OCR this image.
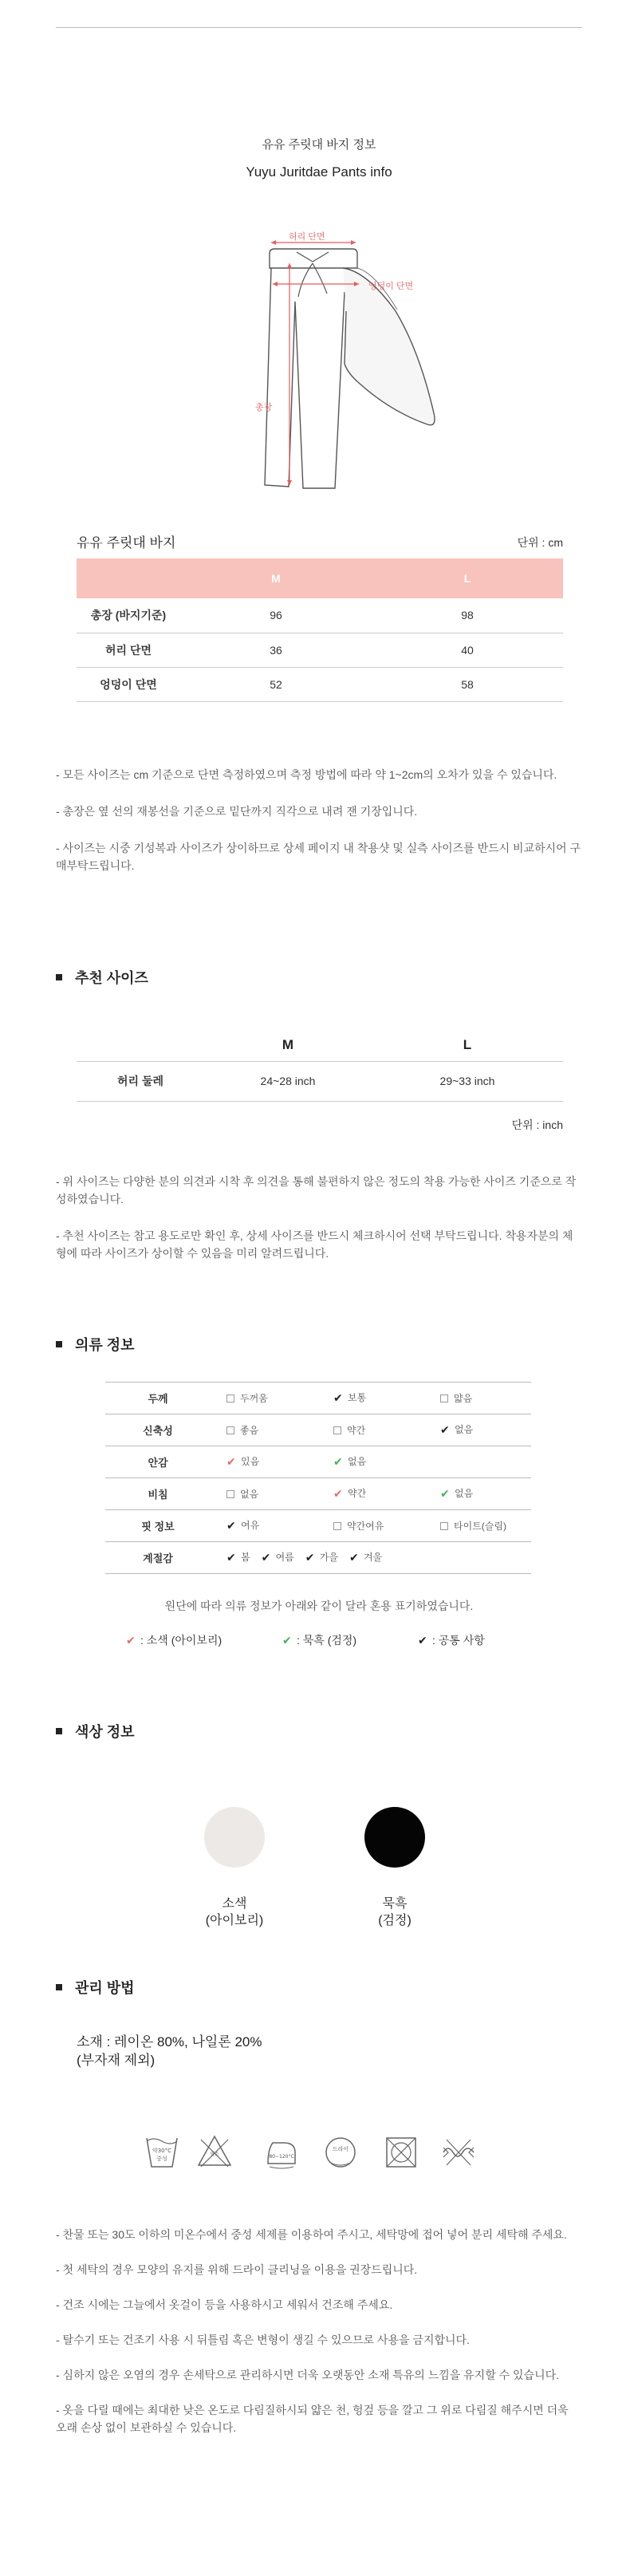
유유 주릿대 바지 정보
Yuyu Juritdae Pants info
허리 단면
엉덩이 단면
총장
유유 주릿대 바지	단위 : cm
	M	L
총장 (바지기준)	96	98
허리 단면	36	40
엉덩이 단면	52	58

- 모든 사이즈는 cm 기준으로 단면 측정하였으며 측정 방법에 따라 약 1~2cm의 오차가 있을 수 있습니다.

- 총장은 옆 선의 재봉선을 기준으로 밑단까지 직각으로 내려 잰 기장입니다.

- 사이즈는 시중 기성복과 사이즈가 상이하므로 상세 페이지 내 착용샷 및 실측 사이즈를 반드시 비교하시어 구매부탁드립니다.

추천 사이즈
	M	L
허리 둘레	24~28 inch	29~33 inch
단위 : inch

- 위 사이즈는 다양한 분의 의견과 시착 후 의견을 통해 불편하지 않은 정도의 착용 가능한 사이즈 기준으로 작성하였습니다.

- 추천 사이즈는 참고 용도로만 확인 후, 상세 사이즈를 반드시 체크하시어 선택 부탁드립니다. 착용자분의 체형에 따라 사이즈가 상이할 수 있음을 미리 알려드립니다.

의류 정보
두께	두꺼움	✔ 보통	얇음
신축성	좋음	약간	✔ 없음
안감	✔ 있음	✔ 없음	
비침	없음	✔ 약간	✔ 없음
핏 정보	✔ 여유	약간여유	타이트(슬림)
계절감	✔ 봄 ✔ 여름 ✔ 가을 ✔ 겨울		
원단에 따라 의류 정보가 아래와 같이 달라 혼용 표기하였습니다.
✔ : 소색 (아이보리)	✔ : 묵흑 (검정)	✔ : 공통 사항
색상 정보
소색
(아이보리)
묵흑
(검정)
관리 방법
소재 : 레이온 80%, 나일론 20%
(부자재 제외)
약30°C
중성
염소	80~120°C
드라이

- 찬물 또는 30도 이하의 미온수에서 중성 세제를 이용하여 주시고, 세탁망에 접어 넣어 분리 세탁해 주세요.

- 첫 세탁의 경우 모양의 유지를 위해 드라이 클리닝을 이용을 권장드립니다.

- 건조 시에는 그늘에서 옷걸이 등을 사용하시고 세워서 건조해 주세요.

- 탈수기 또는 건조기 사용 시 뒤틀림 혹은 변형이 생길 수 있으므로 사용을 금지합니다.

- 심하지 않은 오염의 경우 손세탁으로 관리하시면 더욱 오랫동안 소재 특유의 느낌을 유지할 수 있습니다.

- 옷을 다릴 때에는 최대한 낮은 온도로 다림질하시되 얇은 천, 헝겊 등을 깔고 그 위로 다림질 해주시면 더욱 오래 손상 없이 보관하실 수 있습니다.
